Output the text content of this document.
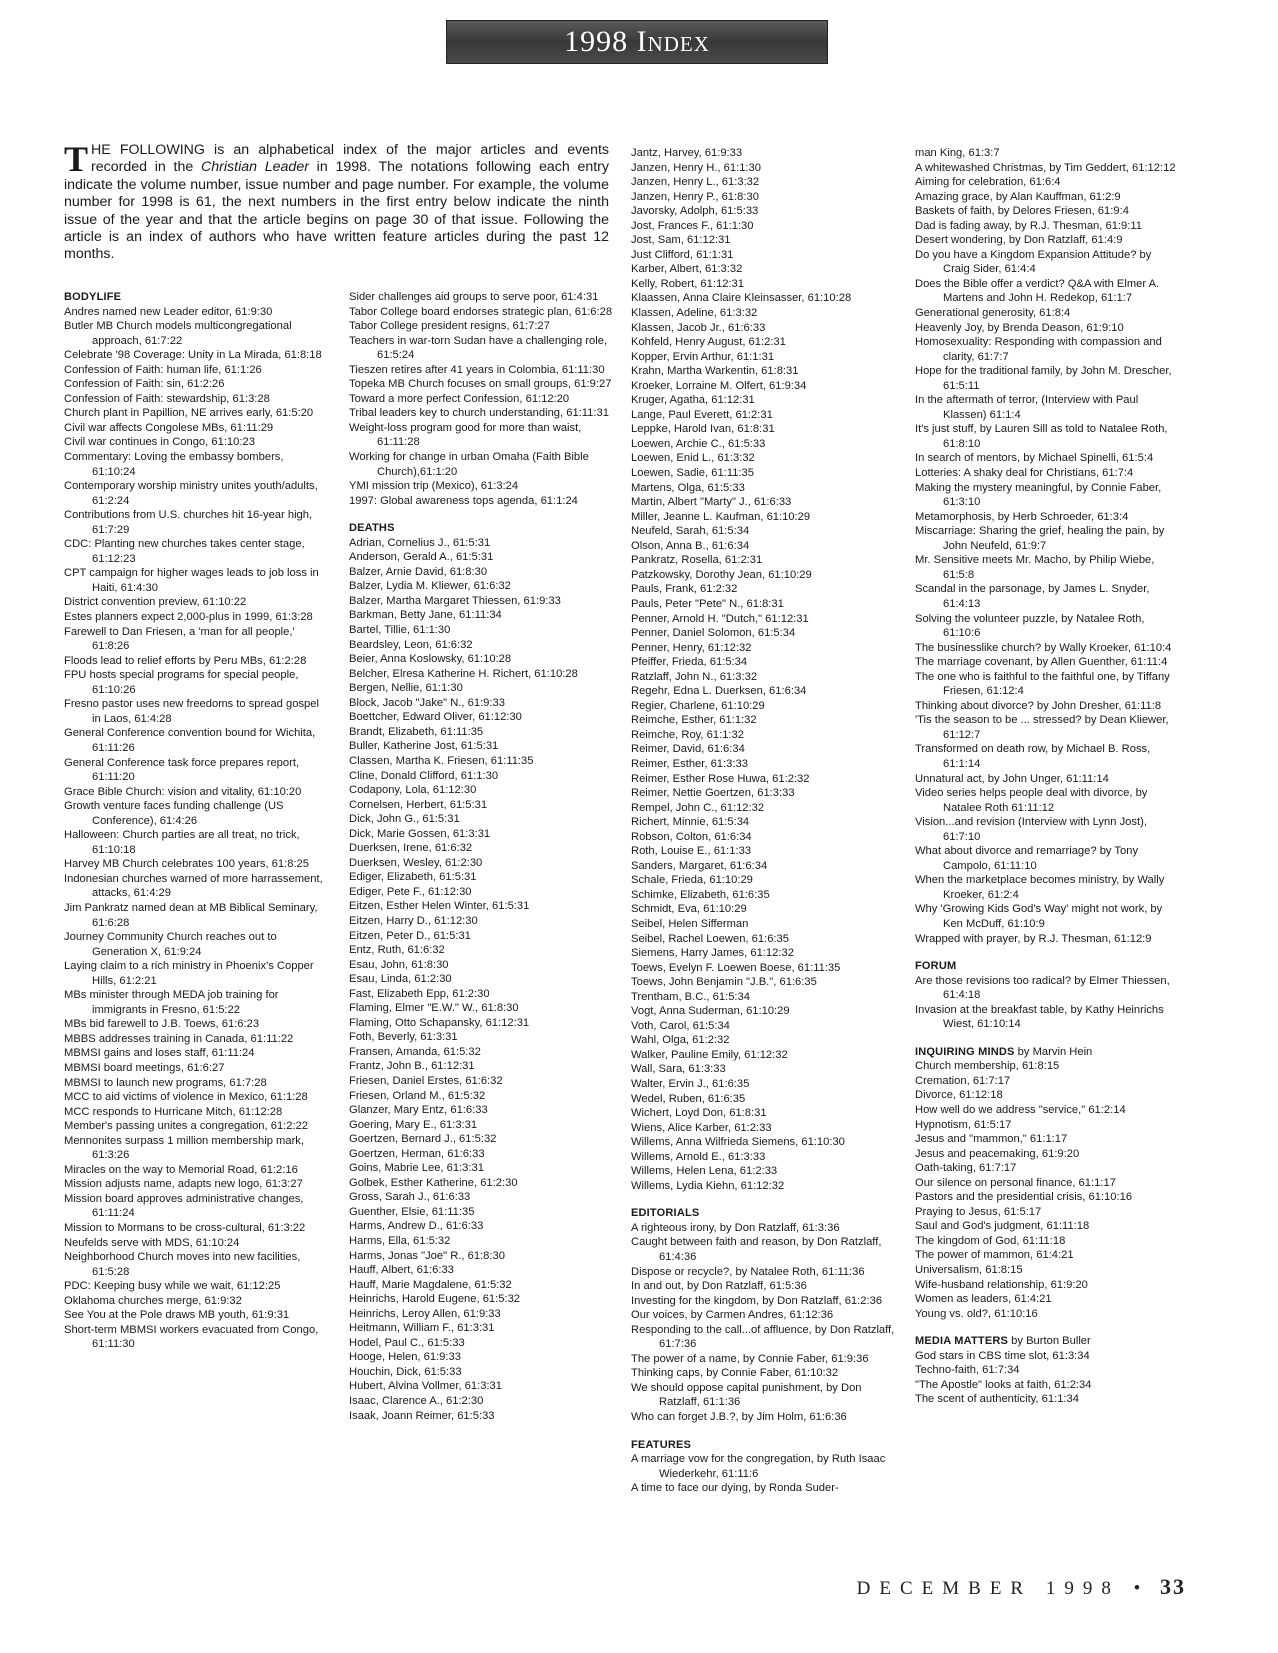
1998 Index

THE FOLLOWING is an alphabetical index of the major articles and events recorded in the Christian Leader in 1998. The notations following each entry indicate the volume number, issue number and page number. For example, the volume number for 1998 is 61, the next numbers in the first entry below indicate the ninth issue of the year and that the article begins on page 30 of that issue. Following the article is an index of authors who have written feature articles during the past 12 months.

BODYLIFE
Andres named new Leader editor, 61:9:30
Butler MB Church models multicongregational approach, 61:7:22
Celebrate '98 Coverage: Unity in La Mirada, 61:8:18
Confession of Faith: human life, 61:1:26
Confession of Faith: sin, 61:2:26
Confession of Faith: stewardship, 61:3:28
Church plant in Papillion, NE arrives early, 61:5:20
Civil war affects Congolese MBs, 61:11:29
Civil war continues in Congo, 61:10:23
Commentary: Loving the embassy bombers, 61:10:24
Contemporary worship ministry unites youth/adults, 61:2:24
Contributions from U.S. churches hit 16-year high, 61:7:29
CDC: Planting new churches takes center stage, 61:12:23
CPT campaign for higher wages leads to job loss in Haiti, 61:4:30
District convention preview, 61:10:22
Estes planners expect 2,000-plus in 1999, 61:3:28
Farewell to Dan Friesen, a 'man for all people,' 61:8:26
Floods lead to relief efforts by Peru MBs, 61:2:28
FPU hosts special programs for special people, 61:10:26
Fresno pastor uses new freedoms to spread gospel in Laos, 61:4:28
General Conference convention bound for Wichita, 61:11:26
General Conference task force prepares report, 61:11:20
Grace Bible Church: vision and vitality, 61:10:20
Growth venture faces funding challenge (US Conference), 61:4:26
Halloween: Church parties are all treat, no trick, 61:10:18
Harvey MB Church celebrates 100 years, 61:8:25
Indonesian churches warned of more harrassement, attacks, 61:4:29
Jim Pankratz named dean at MB Biblical Seminary, 61:6:28
Journey Community Church reaches out to Generation X, 61:9:24
Laying claim to a rich ministry in Phoenix's Copper Hills, 61:2:21
MBs minister through MEDA job training for immigrants in Fresno, 61:5:22
MBs bid farewell to J.B. Toews, 61:6:23
MBBS addresses training in Canada, 61:11:22
MBMSI gains and loses staff, 61:11:24
MBMSI board meetings, 61:6:27
MBMSI to launch new programs, 61:7:28
MCC to aid victims of violence in Mexico, 61:1:28
MCC responds to Hurricane Mitch, 61:12:28
Member's passing unites a congregation, 61:2:22
Mennonites surpass 1 million membership mark, 61:3:26
Miracles on the way to Memorial Road, 61:2:16
Mission adjusts name, adapts new logo, 61:3:27
Mission board approves administrative changes, 61:11:24
Mission to Mormans to be cross-cultural, 61:3:22
Neufelds serve with MDS, 61:10:24
Neighborhood Church moves into new facilities, 61:5:28
PDC: Keeping busy while we wait, 61:12:25
Oklahoma churches merge, 61:9:32
See You at the Pole draws MB youth, 61:9:31
Short-term MBMSI workers evacuated from Congo, 61:11:30
Sider challenges aid groups to serve poor, 61:4:31
Tabor College board endorses strategic plan, 61:6:28
Tabor College president resigns, 61:7:27
Teachers in war-torn Sudan have a challenging role, 61:5:24
Tieszen retires after 41 years in Colombia, 61:11:30
Topeka MB Church focuses on small groups, 61:9:27
Toward a more perfect Confession, 61:12:20
Tribal leaders key to church understanding, 61:11:31
Weight-loss program good for more than waist, 61:11:28
Working for change in urban Omaha (Faith Bible Church),61:1:20
YMI mission trip (Mexico), 61:3:24
1997: Global awareness tops agenda, 61:1:24
DEATHS
Adrian, Cornelius J., 61:5:31
Anderson, Gerald A., 61:5:31
Balzer, Arnie David, 61:8:30
Balzer, Lydia M. Kliewer, 61:6:32
Balzer, Martha Margaret Thiessen, 61:9:33
Barkman, Betty Jane, 61:11:34
Bartel, Tillie, 61:1:30
Beardsley, Leon, 61:6:32
Beier, Anna Koslowsky, 61:10:28
Belcher, Elresa Katherine H. Richert, 61:10:28
Bergen, Nellie, 61:1:30
Block, Jacob "Jake" N., 61:9:33
Boettcher, Edward Oliver, 61:12:30
Brandt, Elizabeth, 61:11:35
Buller, Katherine Jost, 61:5:31
Classen, Martha K. Friesen, 61:11:35
Cline, Donald Clifford, 61:1:30
Codapony, Lola, 61:12:30
Cornelsen, Herbert, 61:5:31
Dick, John G., 61:5:31
Dick, Marie Gossen, 61:3:31
Duerksen, Irene, 61:6:32
Duerksen, Wesley, 61:2:30
Ediger, Elizabeth, 61:5:31
Ediger, Pete F., 61:12:30
Eitzen, Esther Helen Winter, 61:5:31
Eitzen, Harry D., 61:12:30
Eitzen, Peter D., 61:5:31
Entz, Ruth, 61:6:32
Esau, John, 61:8:30
Esau, Linda, 61:2:30
Fast, Elizabeth Epp, 61:2:30
Flaming, Elmer "E.W." W., 61:8:30
Flaming, Otto Schapansky, 61:12:31
Foth, Beverly, 61:3:31
Fransen, Amanda, 61:5:32
Frantz, John B., 61:12:31
Friesen, Daniel Erstes, 61:6:32
Friesen, Orland M., 61:5:32
Glanzer, Mary Entz, 61:6:33
Goering, Mary E., 61:3:31
Goertzen, Bernard J., 61:5:32
Goertzen, Herman, 61:6:33
Goins, Mabrie Lee, 61:3:31
Golbek, Esther Katherine, 61:2:30
Gross, Sarah J., 61:6:33
Guenther, Elsie, 61:11:35
Harms, Andrew D., 61:6:33
Harms, Ella, 61:5:32
Harms, Jonas "Joe" R., 61:8:30
Hauff, Albert, 61:6:33
Hauff, Marie Magdalene, 61:5:32
Heinrichs, Harold Eugene, 61:5:32
Heinrichs, Leroy Allen, 61:9:33
Heitmann, William F., 61:3:31
Hodel, Paul C., 61:5:33
Hooge, Helen, 61:9:33
Houchin, Dick, 61:5:33
Hubert, Alvina Vollmer, 61:3:31
Isaac, Clarence A., 61:2:30
Isaak, Joann Reimer, 61:5:33
Jantz, Harvey, 61:9:33
Janzen, Henry H., 61:1:30
Janzen, Henry L., 61:3:32
Janzen, Henry P., 61:8:30
Javorsky, Adolph, 61:5:33
Jost, Frances F., 61:1:30
Jost, Sam, 61:12:31
Just Clifford, 61:1:31
Karber, Albert, 61:3:32
Kelly, Robert, 61:12:31
Klaassen, Anna Claire Kleinsasser, 61:10:28
Klassen, Adeline, 61:3:32
Klassen, Jacob Jr., 61:6:33
Kohfeld, Henry August, 61:2:31
Kopper, Ervin Arthur, 61:1:31
Krahn, Martha Warkentin, 61:8:31
Kroeker, Lorraine M. Olfert, 61:9:34
Kruger, Agatha, 61:12:31
Lange, Paul Everett, 61:2:31
Leppke, Harold Ivan, 61:8:31
Loewen, Archie C., 61:5:33
Loewen, Enid L., 61:3:32
Loewen, Sadie, 61:11:35
Martens, Olga, 61:5:33
Martin, Albert "Marty" J., 61:6:33
Miller, Jeanne L. Kaufman, 61:10:29
Neufeld, Sarah, 61:5:34
Olson, Anna B., 61:6:34
Pankratz, Rosella, 61:2:31
Patzkowsky, Dorothy Jean, 61:10:29
Pauls, Frank, 61:2:32
Pauls, Peter "Pete" N., 61:8:31
Penner, Arnold H. "Dutch," 61:12:31
Penner, Daniel Solomon, 61:5:34
Penner, Henry, 61:12:32
Pfeiffer, Frieda, 61:5:34
Ratzlaff, John N., 61:3:32
Regehr, Edna L. Duerksen, 61:6:34
Regier, Charlene, 61:10:29
Reimche, Esther, 61:1:32
Reimche, Roy, 61:1:32
Reimer, David, 61:6:34
Reimer, Esther, 61:3:33
Reimer, Esther Rose Huwa, 61:2:32
Reimer, Nettie Goertzen, 61:3:33
Rempel, John C., 61:12:32
Richert, Minnie, 61:5:34
Robson, Colton, 61:6:34
Roth, Louise E., 61:1:33
Sanders, Margaret, 61:6:34
Schale, Frieda, 61:10:29
Schimke, Elizabeth, 61:6:35
Schmidt, Eva, 61:10:29
Seibel, Helen Sifferman
Seibel, Rachel Loewen, 61:6:35
Siemens, Harry James, 61:12:32
Toews, Evelyn F. Loewen Boese, 61:11:35
Toews, John Benjamin "J.B.", 61:6:35
Trentham, B.C., 61:5:34
Vogt, Anna Suderman, 61:10:29
Voth, Carol, 61:5:34
Wahl, Olga, 61:2:32
Walker, Pauline Emily, 61:12:32
Wall, Sara, 61:3:33
Walter, Ervin J., 61:6:35
Wedel, Ruben, 61:6:35
Wichert, Loyd Don, 61:8:31
Wiens, Alice Karber, 61:2:33
Willems, Anna Wilfrieda Siemens, 61:10:30
Willems, Arnold E., 61:3:33
Willems, Helen Lena, 61:2:33
Willems, Lydia Kiehn, 61:12:32
EDITORIALS
A righteous irony, by Don Ratzlaff, 61:3:36
Caught between faith and reason, by Don Ratzlaff, 61:4:36
Dispose or recycle?, by Natalee Roth, 61:11:36
In and out, by Don Ratzlaff, 61:5:36
Investing for the kingdom, by Don Ratzlaff, 61:2:36
Our voices, by Carmen Andres, 61:12:36
Responding to the call...of affluence, by Don Ratzlaff, 61:7:36
The power of a name, by Connie Faber, 61:9:36
Thinking caps, by Connie Faber, 61:10:32
We should oppose capital punishment, by Don Ratzlaff, 61:1:36
Who can forget J.B.?, by Jim Holm, 61:6:36
FEATURES
A marriage vow for the congregation, by Ruth Isaac Wiederkehr, 61:11:6
A time to face our dying, by Ronda Suder-
man King, 61:3:7
A whitewashed Christmas, by Tim Geddert, 61:12:12
Aiming for celebration, 61:6:4
Amazing grace, by Alan Kauffman, 61:2:9
Baskets of faith, by Delores Friesen, 61:9:4
Dad is fading away, by R.J. Thesman, 61:9:11
Desert wondering, by Don Ratzlaff, 61:4:9
Do you have a Kingdom Expansion Attitude? by Craig Sider, 61:4:4
Does the Bible offer a verdict? Q&A with Elmer A. Martens and John H. Redekop, 61:1:7
Generational generosity, 61:8:4
Heavenly Joy, by Brenda Deason, 61:9:10
Homosexuality: Responding with compassion and clarity, 61:7:7
Hope for the traditional family, by John M. Drescher, 61:5:11
In the aftermath of terror, (Interview with Paul Klassen) 61:1:4
It's just stuff, by Lauren Sill as told to Natalee Roth, 61:8:10
In search of mentors, by Michael Spinelli, 61:5:4
Lotteries: A shaky deal for Christians, 61:7:4
Making the mystery meaningful, by Connie Faber, 61:3:10
Metamorphosis, by Herb Schroeder, 61:3:4
Miscarriage: Sharing the grief, healing the pain, by John Neufeld, 61:9:7
Mr. Sensitive meets Mr. Macho, by Philip Wiebe, 61:5:8
Scandal in the parsonage, by James L. Snyder, 61:4:13
Solving the volunteer puzzle, by Natalee Roth, 61:10:6
The businesslike church? by Wally Kroeker, 61:10:4
The marriage covenant, by Allen Guenther, 61:11:4
The one who is faithful to the faithful one, by Tiffany Friesen, 61:12:4
Thinking about divorce? by John Dresher, 61:11:8
'Tis the season to be ... stressed? by Dean Kliewer, 61:12:7
Transformed on death row, by Michael B. Ross, 61:1:14
Unnatural act, by John Unger, 61:11:14
Video series helps people deal with divorce, by Natalee Roth 61:11:12
Vision...and revision (Interview with Lynn Jost), 61:7:10
What about divorce and remarriage? by Tony Campolo, 61:11:10
When the marketplace becomes ministry, by Wally Kroeker, 61:2:4
Why 'Growing Kids God's Way' might not work, by Ken McDuff, 61:10:9
Wrapped with prayer, by R.J. Thesman, 61:12:9
FORUM
Are those revisions too radical? by Elmer Thiessen, 61:4:18
Invasion at the breakfast table, by Kathy Heinrichs Wiest, 61:10:14
INQUIRING MINDS by Marvin Hein
Church membership, 61:8:15
Cremation, 61:7:17
Divorce, 61:12:18
How well do we address "service," 61:2:14
Hypnotism, 61:5:17
Jesus and "mammon," 61:1:17
Jesus and peacemaking, 61:9:20
Oath-taking, 61:7:17
Our silence on personal finance, 61:1:17
Pastors and the presidential crisis, 61:10:16
Praying to Jesus, 61:5:17
Saul and God's judgment, 61:11:18
The kingdom of God, 61:11:18
The power of mammon, 61:4:21
Universalism, 61:8:15
Wife-husband relationship, 61:9:20
Women as leaders, 61:4:21
Young vs. old?, 61:10:16
MEDIA MATTERS by Burton Buller
God stars in CBS time slot, 61:3:34
Techno-faith, 61:7:34
"The Apostle" looks at faith, 61:2:34
The scent of authenticity, 61:1:34
DECEMBER 1998 • 33
